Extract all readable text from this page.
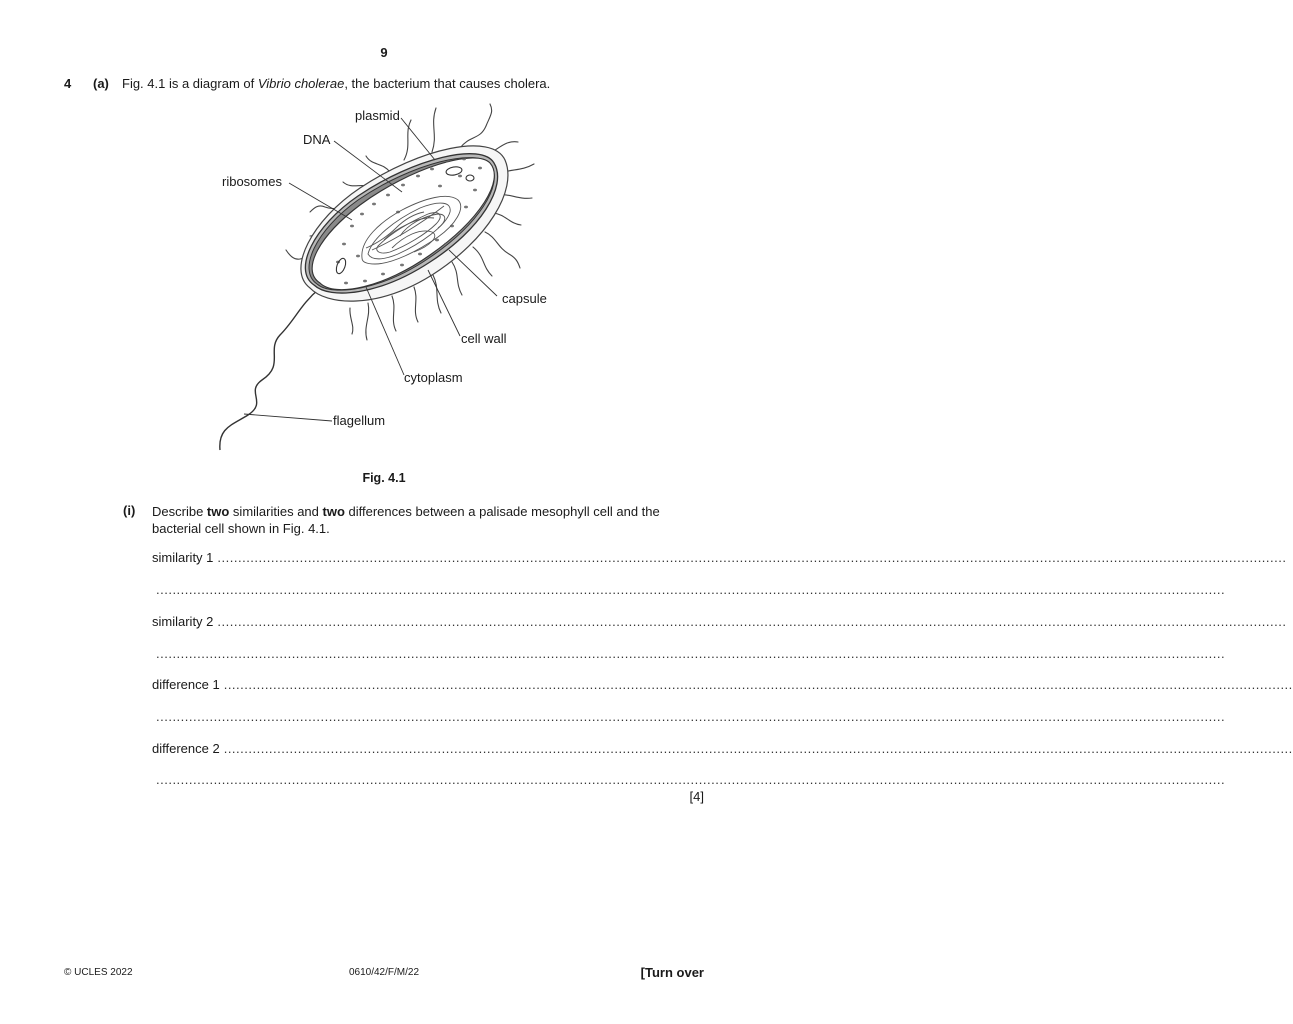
9
4 (a) Fig. 4.1 is a diagram of Vibrio cholerae, the bacterium that causes cholera.
plasmid
DNA
ribosomes
capsule
cell wall
cytoplasm
flagellum
Fig. 4.1
(i) Describe two similarities and two differences between a palisade mesophyll cell and the bacterial cell shown in Fig. 4.1.
similarity 1 ....................................................................................................................................................................................................................................................................
....................................................................................................................................................................................................................................................................
similarity 2 ....................................................................................................................................................................................................................................................................
....................................................................................................................................................................................................................................................................
difference 1 ....................................................................................................................................................................................................................................................................
....................................................................................................................................................................................................................................................................
difference 2 ....................................................................................................................................................................................................................................................................
....................................................................................................................................................................................................................................................................
[4]
© UCLES 2022	0610/42/F/M/22	[Turn over
